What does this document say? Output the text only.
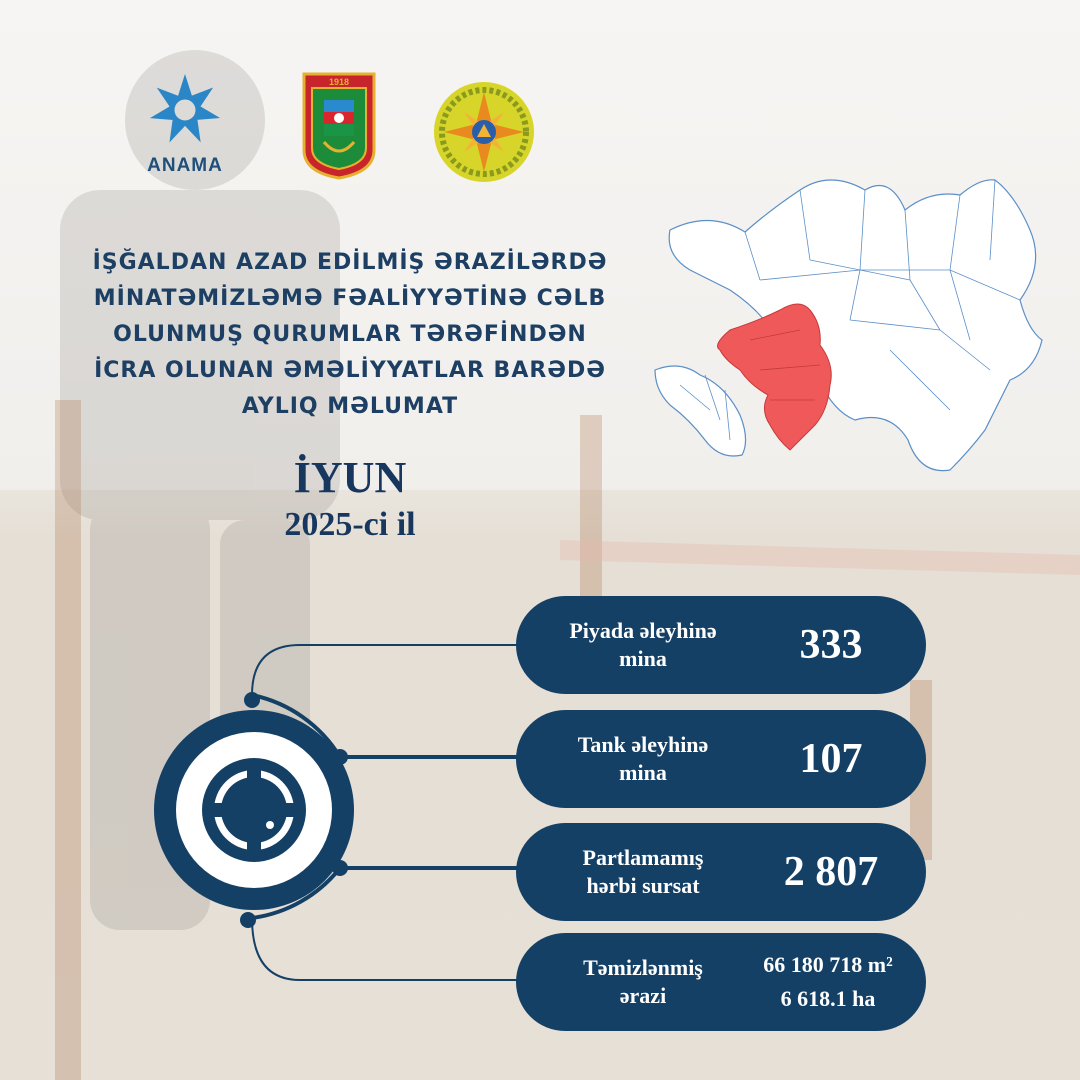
ANAMA
1918
İŞĞALDAN AZAD EDİLMİŞ ƏRAZİLƏRDƏ
MİNATƏMİZLƏMƏ FƏALİYYƏTİNƏ CƏLB
OLUNMUŞ QURUMLAR TƏRƏFİNDƏN
İCRA OLUNAN ƏMƏLİYYATLAR BARƏDƏ
AYLIQ MƏLUMAT
İYUN
2025-ci il
Piyada əleyhinə
mina	333
Tank əleyhinə
mina	107
Partlamamış
hərbi sursat	2 807
Təmizlənmiş
ərazi
66 180 718 m²
6 618.1 ha
